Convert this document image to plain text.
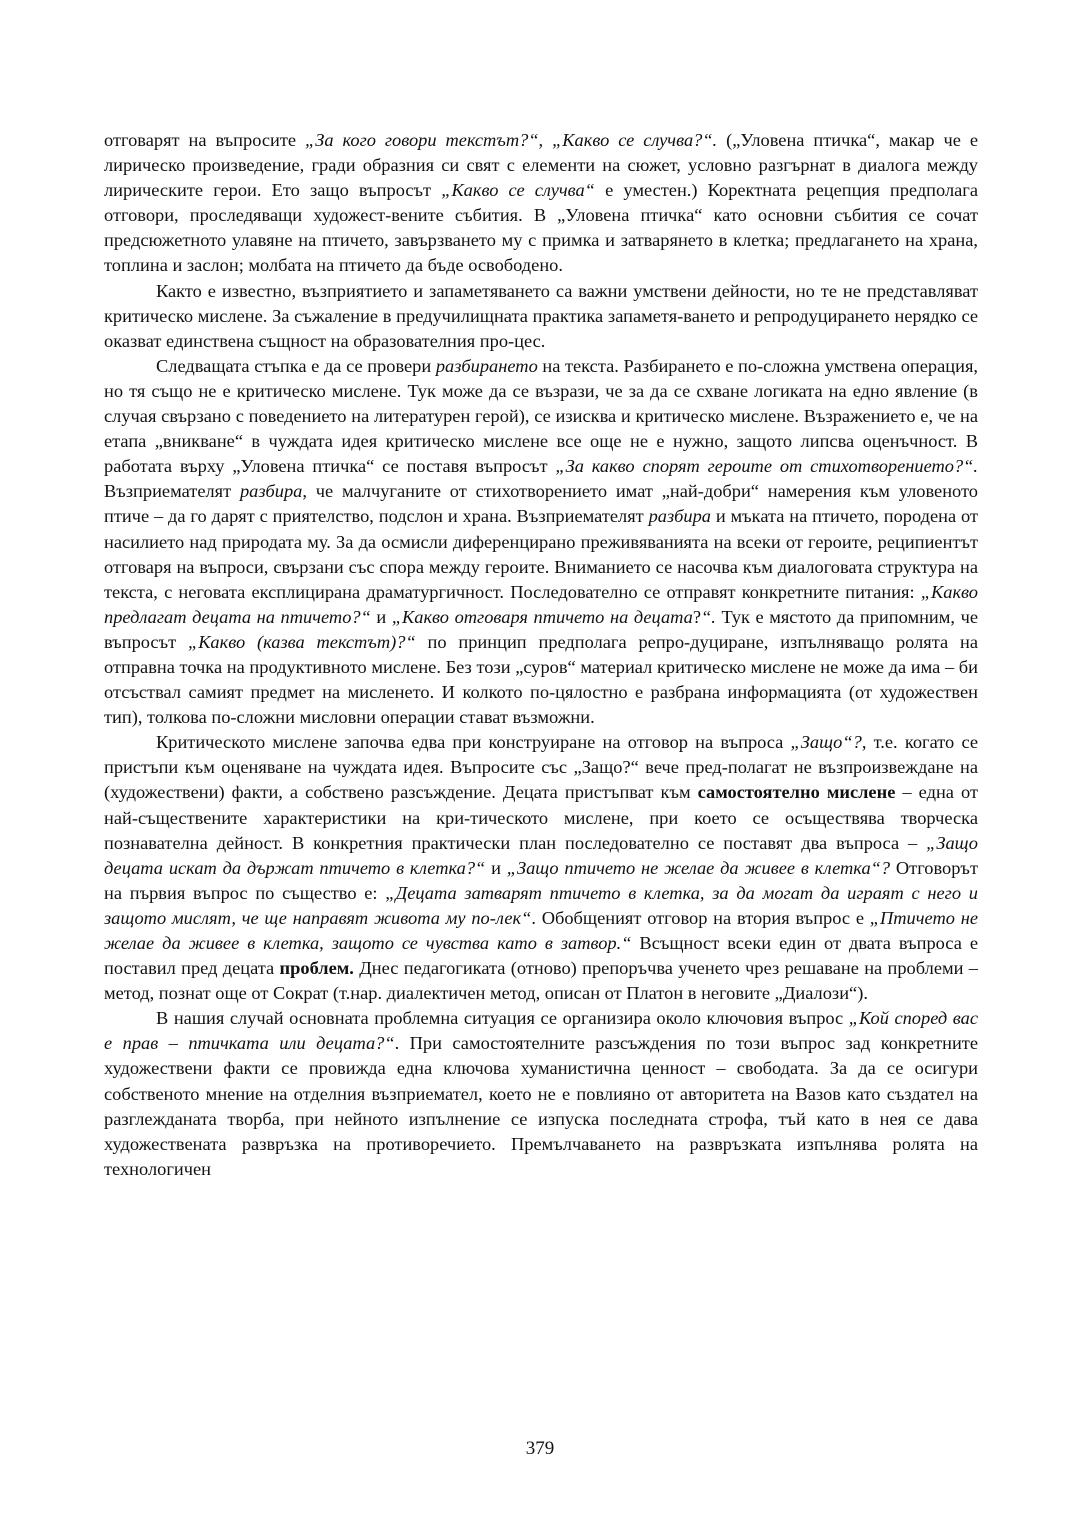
отговарят на въпросите „За кого говори текстът?“, „Какво се случва?“. („Уловена птичка“, макар че е лирическо произведение, гради образния си свят с елементи на сюжет, условно разгърнат в диалога между лирическите герои. Ето защо въпросът „Какво се случва“ е уместен.) Коректната рецепция предполага отговори, проследяващи художест-вените събития. В „Уловена птичка“ като основни събития се сочат предсюжетното улавяне на птичето, завързването му с примка и затварянето в клетка; предлагането на храна, топлина и заслон; молбата на птичето да бъде освободено.

Както е известно, възприятието и запаметяването са важни умствени дейности, но те не представляват критическо мислене. За съжаление в предучилищната практика запаметя-ването и репродуцирането нерядко се оказват единствена същност на образователния про-цес.

Следващата стъпка е да се провери разбирането на текста. Разбирането е по-сложна умствена операция, но тя също не е критическо мислене. Тук може да се възрази, че за да се схване логиката на едно явление (в случая свързано с поведението на литературен герой), се изисква и критическо мислене. Възражението е, че на етапа „вникване“ в чуждата идея критическо мислене все още не е нужно, защото липсва оценъчност. В работата върху „Уловена птичка“ се поставя въпросът „За какво спорят героите от стихотворението?“. Възприемателят разбира, че малчуганите от стихотворението имат „най-добри“ намерения към уловеното птиче – да го дарят с приятелство, подслон и храна. Възприемателят разбира и мъката на птичето, породена от насилието над природата му. За да осмисли диференцирано преживяванията на всеки от героите, реципиентът отговаря на въпроси, свързани със спора между героите. Вниманието се насочва към диалоговата структура на текста, с неговата експлицирана драматургичност. Последователно се отправят конкретните питания: „Какво предлагат децата на птичето?“ и „Какво отговаря птичето на децата?“. Тук е мястото да припомним, че въпросът „Какво (казва текстът)?“ по принцип предполага репро-дуциране, изпълняващо ролята на отправна точка на продуктивното мислене. Без този „суров“ материал критическо мислене не може да има – би отсъствал самият предмет на мисленето. И колкото по-цялостно е разбрана информацията (от художествен тип), толкова по-сложни мисловни операции стават възможни.

Критическото мислене започва едва при конструиране на отговор на въпроса „Защо“?, т.е. когато се пристъпи към оценяване на чуждата идея. Въпросите със „Защо?“ вече пред-полагат не възпроизвеждане на (художествени) факти, а собствено разсъждение. Децата пристъпват към самостоятелно мислене – една от най-съществените характеристики на кри-тическото мислене, при което се осъществява творческа познавателна дейност. В конкретния практически план последователно се поставят два въпроса – „Защо децата искат да държат птичето в клетка?“ и „Защо птичето не желае да живее в клетка“? Отговорът на първия въпрос по същество е: „Децата затварят птичето в клетка, за да могат да играят с него и защото мислят, че ще направят живота му по-лек“. Обобщеният отговор на втория въпрос е „Птичето не желае да живее в клетка, защото се чувства като в затвор.“ Всъщност всеки един от двата въпроса е поставил пред децата проблем. Днес педагогиката (отново) препоръчва ученето чрез решаване на проблеми – метод, познат още от Сократ (т.нар. диалектичен метод, описан от Платон в неговите „Диалози“).

В нашия случай основната проблемна ситуация се организира около ключовия въпрос „Кой според вас е прав – птичката или децата?“. При самостоятелните разсъждения по този въпрос зад конкретните художествени факти се провижда една ключова хуманистична ценност – свободата. За да се осигури собственото мнение на отделния възприемател, което не е повлияно от авторитета на Вазов като създател на разглежданата творба, при нейното изпълнение се изпуска последната строфа, тъй като в нея се дава художествената развръзка на противоречието. Премълчаването на развръзката изпълнява ролята на технологичен

379
